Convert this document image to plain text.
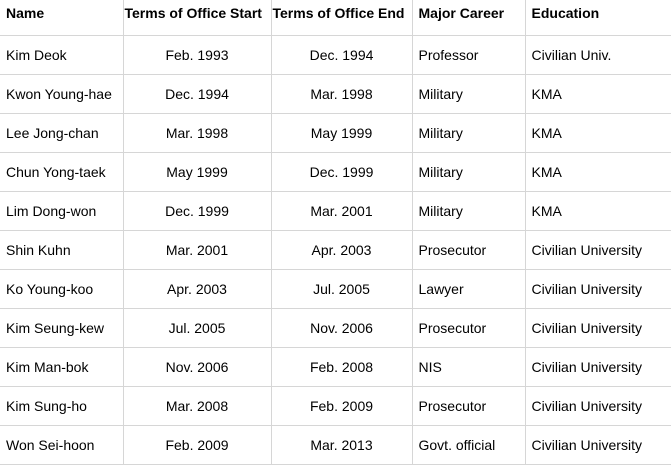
Name	Terms of Office Start	Terms of Office End	Major Career	Education
Kim Deok	Feb. 1993	Dec. 1994	Professor	Civilian Univ.
Kwon Young-hae	Dec. 1994	Mar. 1998	Military	KMA
Lee Jong-chan	Mar. 1998	May 1999	Military	KMA
Chun Yong-taek	May 1999	Dec. 1999	Military	KMA
Lim Dong-won	Dec. 1999	Mar. 2001	Military	KMA
Shin Kuhn	Mar. 2001	Apr. 2003	Prosecutor	Civilian University
Ko Young-koo	Apr. 2003	Jul. 2005	Lawyer	Civilian University
Kim Seung-kew	Jul. 2005	Nov. 2006	Prosecutor	Civilian University
Kim Man-bok	Nov. 2006	Feb. 2008	NIS	Civilian University
Kim Sung-ho	Mar. 2008	Feb. 2009	Prosecutor	Civilian University
Won Sei-hoon	Feb. 2009	Mar. 2013	Govt. official	Civilian University
